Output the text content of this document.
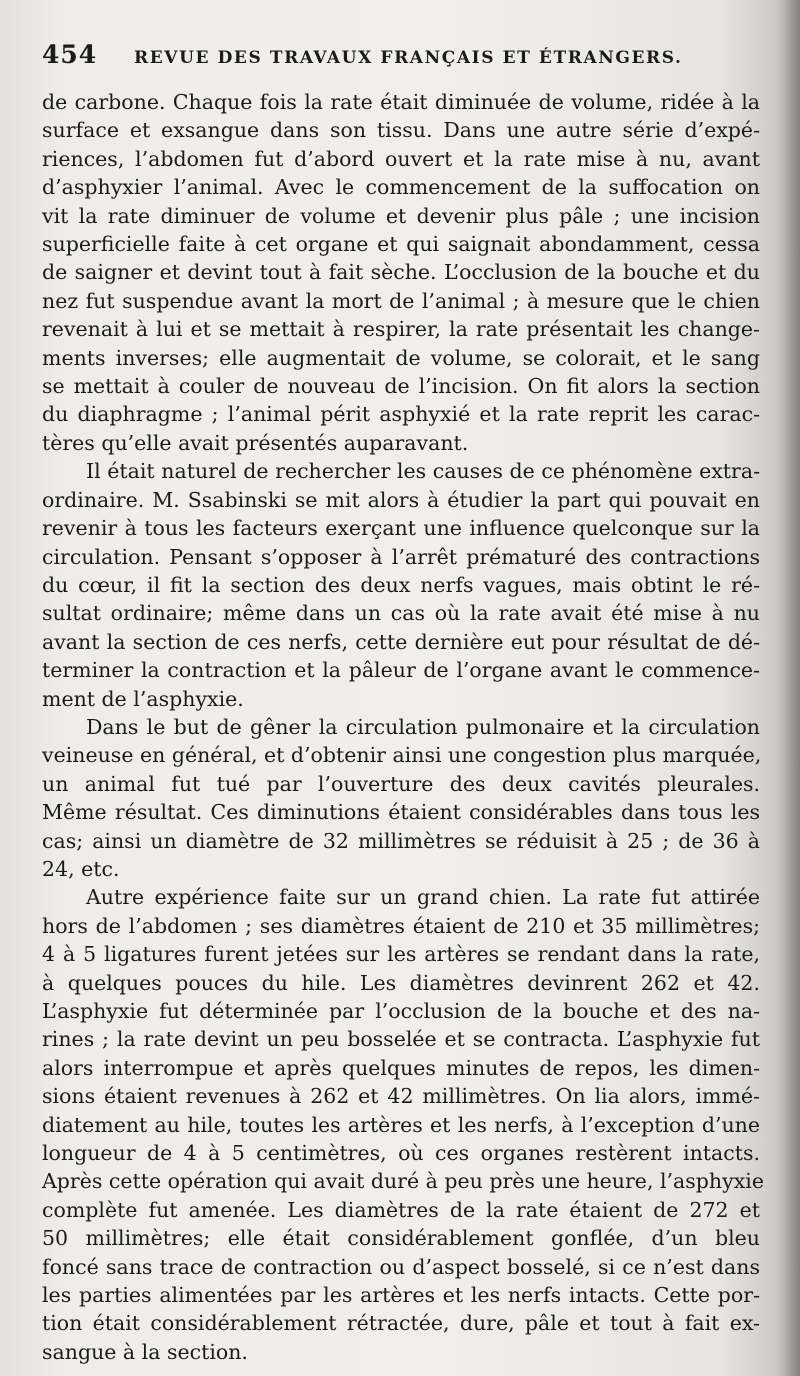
454	REVUE DES TRAVAUX FRANÇAIS ET ÉTRANGERS.

de carbone. Chaque fois la rate était diminuée de volume, ridée à la
surface et exsangue dans son tissu. Dans une autre série d’expé-
riences, l’abdomen fut d’abord ouvert et la rate mise à nu, avant
d’asphyxier l’animal. Avec le commencement de la suffocation on
vit la rate diminuer de volume et devenir plus pâle ; une incision
superficielle faite à cet organe et qui saignait abondamment, cessa
de saigner et devint tout à fait sèche. L’occlusion de la bouche et du
nez fut suspendue avant la mort de l’animal ; à mesure que le chien
revenait à lui et se mettait à respirer, la rate présentait les change-
ments inverses; elle augmentait de volume, se colorait, et le sang
se mettait à couler de nouveau de l’incision. On fit alors la section
du diaphragme ; l’animal périt asphyxié et la rate reprit les carac-
tères qu’elle avait présentés auparavant.

Il était naturel de rechercher les causes de ce phénomène extra-
ordinaire. M. Ssabinski se mit alors à étudier la part qui pouvait en
revenir à tous les facteurs exerçant une influence quelconque sur la
circulation. Pensant s’opposer à l’arrêt prématuré des contractions
du cœur, il fit la section des deux nerfs vagues, mais obtint le ré-
sultat ordinaire; même dans un cas où la rate avait été mise à nu
avant la section de ces nerfs, cette dernière eut pour résultat de dé-
terminer la contraction et la pâleur de l’organe avant le commence-
ment de l’asphyxie.

Dans le but de gêner la circulation pulmonaire et la circulation
veineuse en général, et d’obtenir ainsi une congestion plus marquée,
un animal fut tué par l’ouverture des deux cavités pleurales.
Même résultat. Ces diminutions étaient considérables dans tous les
cas; ainsi un diamètre de 32 millimètres se réduisit à 25 ; de 36 à
24, etc.

Autre expérience faite sur un grand chien. La rate fut attirée
hors de l’abdomen ; ses diamètres étaient de 210 et 35 millimètres;
4 à 5 ligatures furent jetées sur les artères se rendant dans la rate,
à quelques pouces du hile. Les diamètres devinrent 262 et 42.
L’asphyxie fut déterminée par l’occlusion de la bouche et des na-
rines ; la rate devint un peu bosselée et se contracta. L’asphyxie fut
alors interrompue et après quelques minutes de repos, les dimen-
sions étaient revenues à 262 et 42 millimètres. On lia alors, immé-
diatement au hile, toutes les artères et les nerfs, à l’exception d’une
longueur de 4 à 5 centimètres, où ces organes restèrent intacts.
Après cette opération qui avait duré à peu près une heure, l’asphyxie
complète fut amenée. Les diamètres de la rate étaient de 272 et
50 millimètres; elle était considérablement gonflée, d’un bleu
foncé sans trace de contraction ou d’aspect bosselé, si ce n’est dans
les parties alimentées par les artères et les nerfs intacts. Cette por-
tion était considérablement rétractée, dure, pâle et tout à fait ex-
sangue à la section.
